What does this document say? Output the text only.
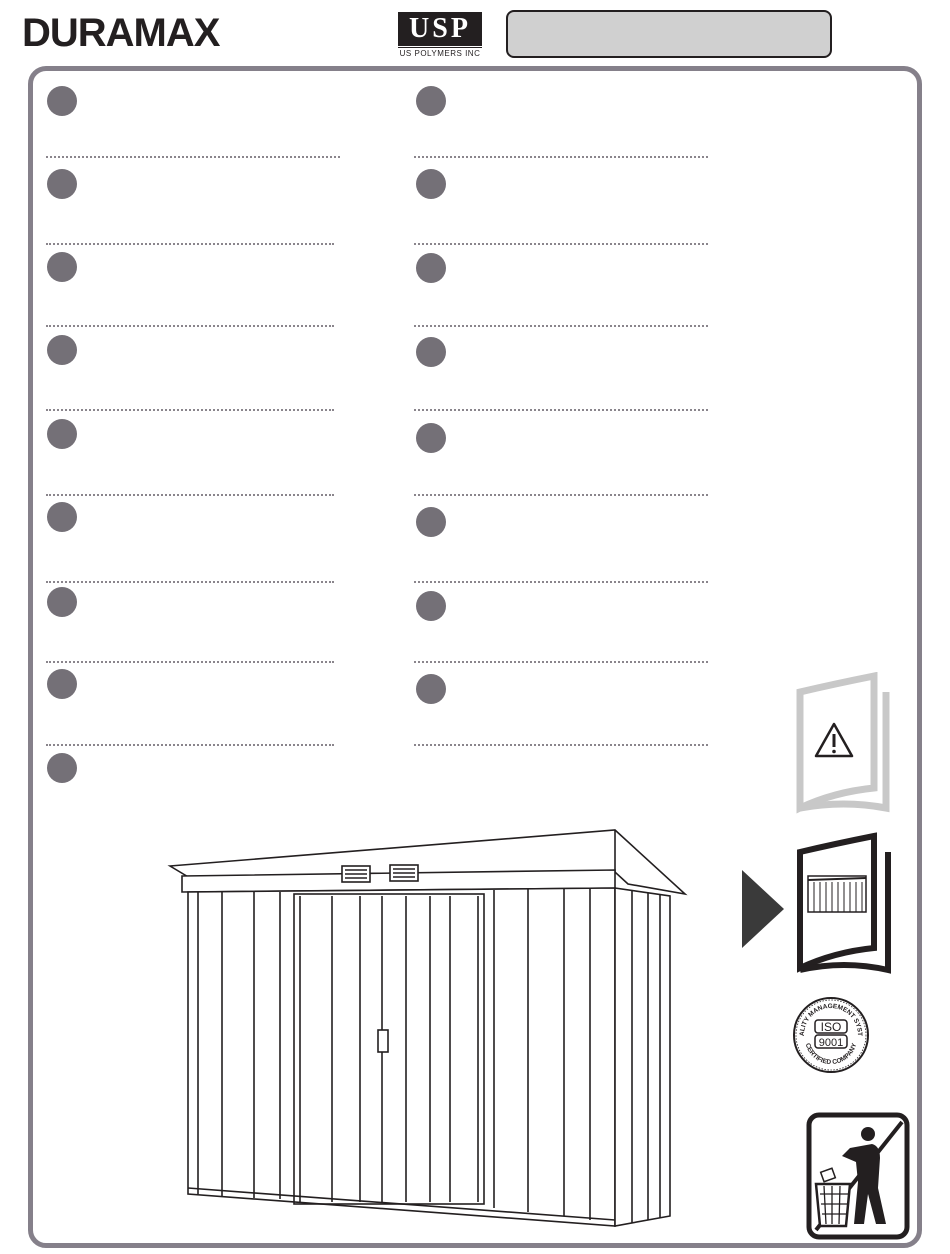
DURAMAX	USP
US POLYMERS INC
ALITY MANAGEMENT SYST
CERTIFIED COMPANY
ISO
9001
